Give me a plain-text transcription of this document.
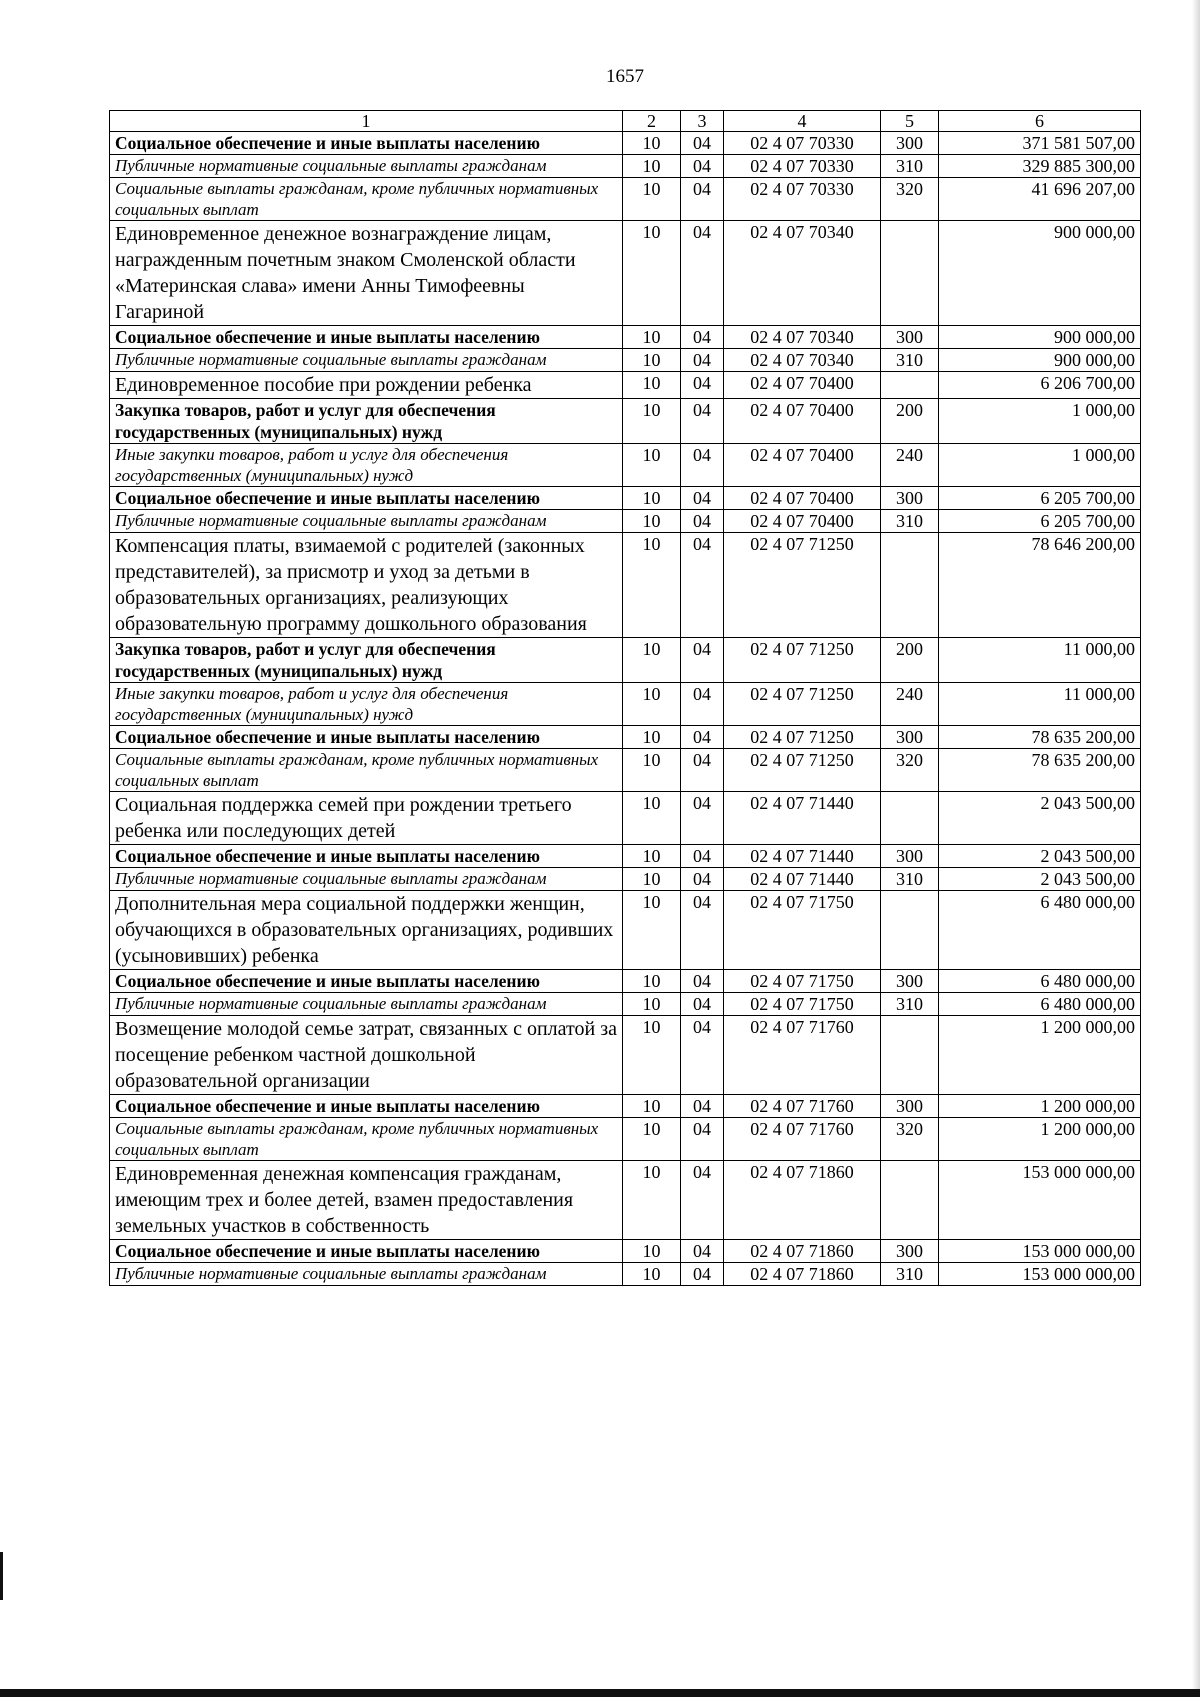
1657
1	2	3	4	5	6
Социальное обеспечение и иные выплаты населению	10	04	02 4 07 70330	300	371 581 507,00
Публичные нормативные социальные выплаты гражданам	10	04	02 4 07 70330	310	329 885 300,00
Социальные выплаты гражданам, кроме публичных нормативных социальных выплат	10	04	02 4 07 70330	320	41 696 207,00
Единовременное денежное вознаграждение лицам, награжденным почетным знаком Смоленской области «Материнская слава» имени Анны Тимофеевны Гагариной	10	04	02 4 07 70340		900 000,00
Социальное обеспечение и иные выплаты населению	10	04	02 4 07 70340	300	900 000,00
Публичные нормативные социальные выплаты гражданам	10	04	02 4 07 70340	310	900 000,00
Единовременное пособие при рождении ребенка	10	04	02 4 07 70400		6 206 700,00
Закупка товаров, работ и услуг для обеспечения государственных (муниципальных) нужд	10	04	02 4 07 70400	200	1 000,00
Иные закупки товаров, работ и услуг для обеспечения государственных (муниципальных) нужд	10	04	02 4 07 70400	240	1 000,00
Социальное обеспечение и иные выплаты населению	10	04	02 4 07 70400	300	6 205 700,00
Публичные нормативные социальные выплаты гражданам	10	04	02 4 07 70400	310	6 205 700,00
Компенсация платы, взимаемой с родителей (законных представителей), за присмотр и уход за детьми в образовательных организациях, реализующих образовательную программу дошкольного образования	10	04	02 4 07 71250		78 646 200,00
Закупка товаров, работ и услуг для обеспечения государственных (муниципальных) нужд	10	04	02 4 07 71250	200	11 000,00
Иные закупки товаров, работ и услуг для обеспечения государственных (муниципальных) нужд	10	04	02 4 07 71250	240	11 000,00
Социальное обеспечение и иные выплаты населению	10	04	02 4 07 71250	300	78 635 200,00
Социальные выплаты гражданам, кроме публичных нормативных социальных выплат	10	04	02 4 07 71250	320	78 635 200,00
Социальная поддержка семей при рождении третьего ребенка или последующих детей	10	04	02 4 07 71440		2 043 500,00
Социальное обеспечение и иные выплаты населению	10	04	02 4 07 71440	300	2 043 500,00
Публичные нормативные социальные выплаты гражданам	10	04	02 4 07 71440	310	2 043 500,00
Дополнительная мера социальной поддержки женщин, обучающихся в образовательных организациях, родивших (усыновивших) ребенка	10	04	02 4 07 71750		6 480 000,00
Социальное обеспечение и иные выплаты населению	10	04	02 4 07 71750	300	6 480 000,00
Публичные нормативные социальные выплаты гражданам	10	04	02 4 07 71750	310	6 480 000,00
Возмещение молодой семье затрат, связанных с оплатой за посещение ребенком частной дошкольной образовательной организации	10	04	02 4 07 71760		1 200 000,00
Социальное обеспечение и иные выплаты населению	10	04	02 4 07 71760	300	1 200 000,00
Социальные выплаты гражданам, кроме публичных нормативных социальных выплат	10	04	02 4 07 71760	320	1 200 000,00
Единовременная денежная компенсация гражданам, имеющим трех и более детей, взамен предоставления земельных участков в собственность	10	04	02 4 07 71860		153 000 000,00
Социальное обеспечение и иные выплаты населению	10	04	02 4 07 71860	300	153 000 000,00
Публичные нормативные социальные выплаты гражданам	10	04	02 4 07 71860	310	153 000 000,00
